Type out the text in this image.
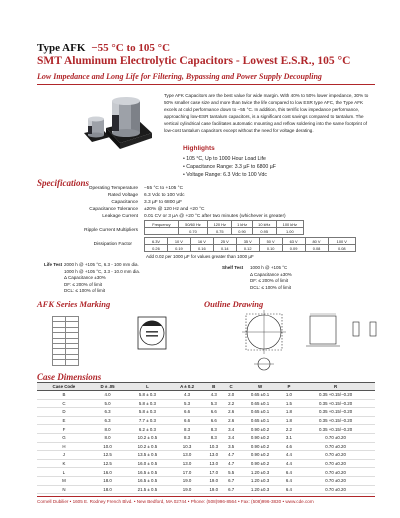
Type AFK −55 °C to 105 °C
SMT Aluminum Electrolytic Capacitors - Lowest E.S.R., 105 °C
Low Impedance and Long Life for Filtering, Bypassing and Power Supply Decoupling
Type AFK Capacitors are the best value for wide margin. With 40% to 50% lower impedance, 30% to 50% smaller case size and more than twice the life compared to low ESR type AFC, the Type AFK excels at cold performance down to −55 °C. In addition, this terrific low impedance performance, approaching low-ESR tantalum capacitors, is a significant cost savings compared to tantalum. The vertical cylindrical case facilitates automatic mounting and reflow soldering into the same footprint of low-cost tantalum capacitors except without the need for voltage derating.
Highlights
• 105 °C, Up to 1000 Hour Load Life
• Capacitance Range: 3.3 µF to 6800 µF
• Voltage Range: 6.3 Vdc to 100 Vdc
Specifications
Operating Temperature −55 °C to +105 °C
Rated Voltage 6.3 Vdc to 100 Vdc
Capacitance 3.3 µF to 6800 µF
Capacitance Tolerance ±20% @ 120 Hz and +20 °C
Leakage Current 0.01 CV or 3 µA @ +20 °C after two minutes (whichever is greater)
Ripple Current Multipliers
Frequency	50/60 Hz	120 Hz	1 kHz	10 kHz	100 kHz
	0.70	0.75	0.90	0.95	1.00
Dissipation Factor
6.3V	10 V	16 V	25 V	35 V	50 V	63 V	80 V	100 V
0.26	0.19	0.16	0.14	0.12	0.10	0.09	0.08	0.08
Add 0.02 per 1000 µF for values greater than 1000 µF
Life Test 2000 h @ +105 °C, 6.3 - 100 mm dia.
1000 h @ +105 °C, 3.3 - 10.0 mm dia.
Δ Capacitance ±30%
DF: ≤ 200% of limit
DCL: ≤ 100% of limit
Shelf Test 1000 h @ +105 °C
Δ Capacitance ±30%
DF: ≤ 200% of limit
DCL: ≤ 100% of limit
AFK Series Marking

		Outline Drawing
Case Dimensions
Case Code	D ± .05	L	A ± 0.2	B	C	W	P	R
B	4.0	5.8 ± 0.3	4.3	4.3	2.0	0.65 ±0.1	1.0	0.35 +0.15/−0.20
C	5.0	5.8 ± 0.3	5.3	5.3	2.2	0.65 ±0.1	1.5	0.35 +0.15/−0.20
D	6.3	5.8 ± 0.3	6.6	6.6	2.6	0.65 ±0.1	1.8	0.35 +0.15/−0.20
E	6.3	7.7 ± 0.3	6.6	6.6	2.6	0.65 ±0.1	1.8	0.35 +0.15/−0.20
F	8.0	6.2 ± 0.3	8.3	8.3	3.4	0.90 ±0.2	2.2	0.35 +0.15/−0.20
G	8.0	10.2 ± 0.5	8.3	8.3	3.4	0.90 ±0.2	3.1	0.70 ±0.20
H	10.0	10.2 ± 0.5	10.3	10.3	3.5	0.90 ±0.2	4.6	0.70 ±0.20
J	12.5	13.5 ± 0.5	13.0	13.0	4.7	0.90 ±0.2	4.4	0.70 ±0.20
K	12.5	16.0 ± 0.5	13.0	13.0	4.7	0.90 ±0.2	4.4	0.70 ±0.20
L	16.0	16.5 ± 0.5	17.0	17.0	5.5	1.20 ±0.3	6.4	0.70 ±0.20
M	18.0	16.5 ± 0.5	19.0	19.0	6.7	1.20 ±0.3	6.4	0.70 ±0.20
N	18.0	21.5 ± 0.5	19.0	19.0	6.7	1.20 ±0.3	6.4	0.70 ±0.20
Cornell Dubilier • 1605 E. Rodney French Blvd. • New Bedford, MA 02744 • Phone: (508)996-8564 • Fax: (508)996-3830 • www.cde.com
